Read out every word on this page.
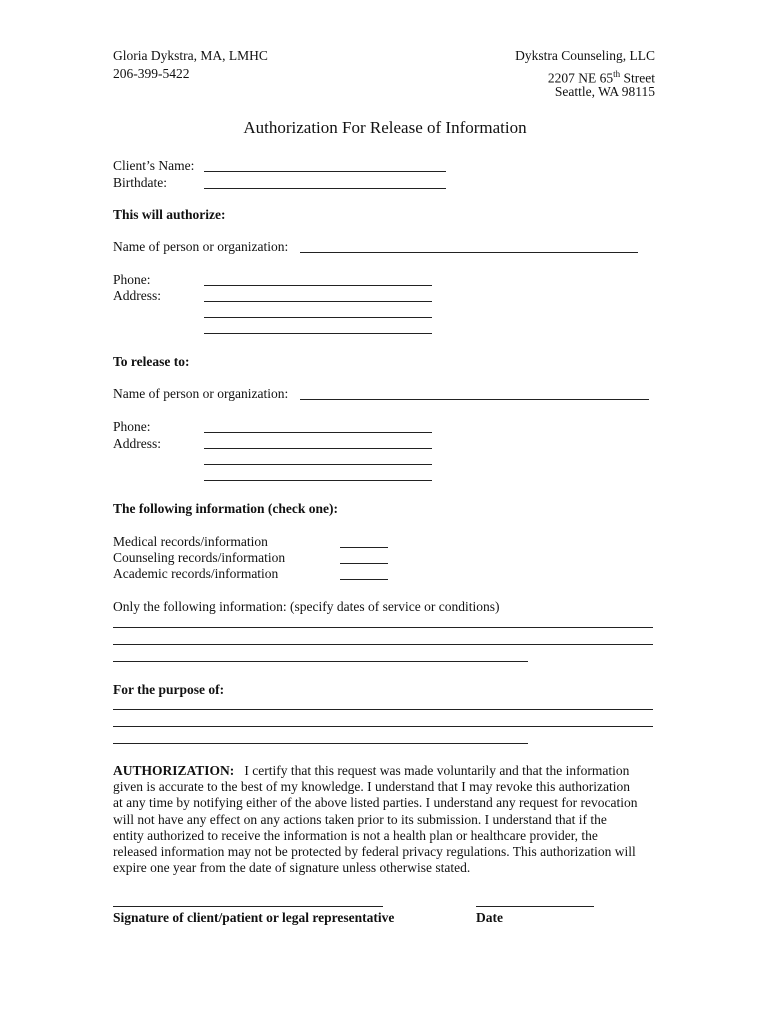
Gloria Dykstra, MA, LMHC
206-399-5422
Dykstra Counseling, LLC
2207 NE 65th Street
Seattle, WA 98115
Authorization For Release of Information
Client’s Name:
Birthdate:
This will authorize:
Name of person or organization:
Phone:
Address:
To release to:
Name of person or organization:
Phone:
Address:
The following information (check one):
Medical records/information
Counseling records/information
Academic records/information
Only the following information: (specify dates of service or conditions)
For the purpose of:
AUTHORIZATION: I certify that this request was made voluntarily and that the information
given is accurate to the best of my knowledge. I understand that I may revoke this authorization
at any time by notifying either of the above listed parties. I understand any request for revocation
will not have any effect on any actions taken prior to its submission. I understand that if the
entity authorized to receive the information is not a health plan or healthcare provider, the
released information may not be protected by federal privacy regulations. This authorization will
expire one year from the date of signature unless otherwise stated.
Signature of client/patient or legal representative	Date
